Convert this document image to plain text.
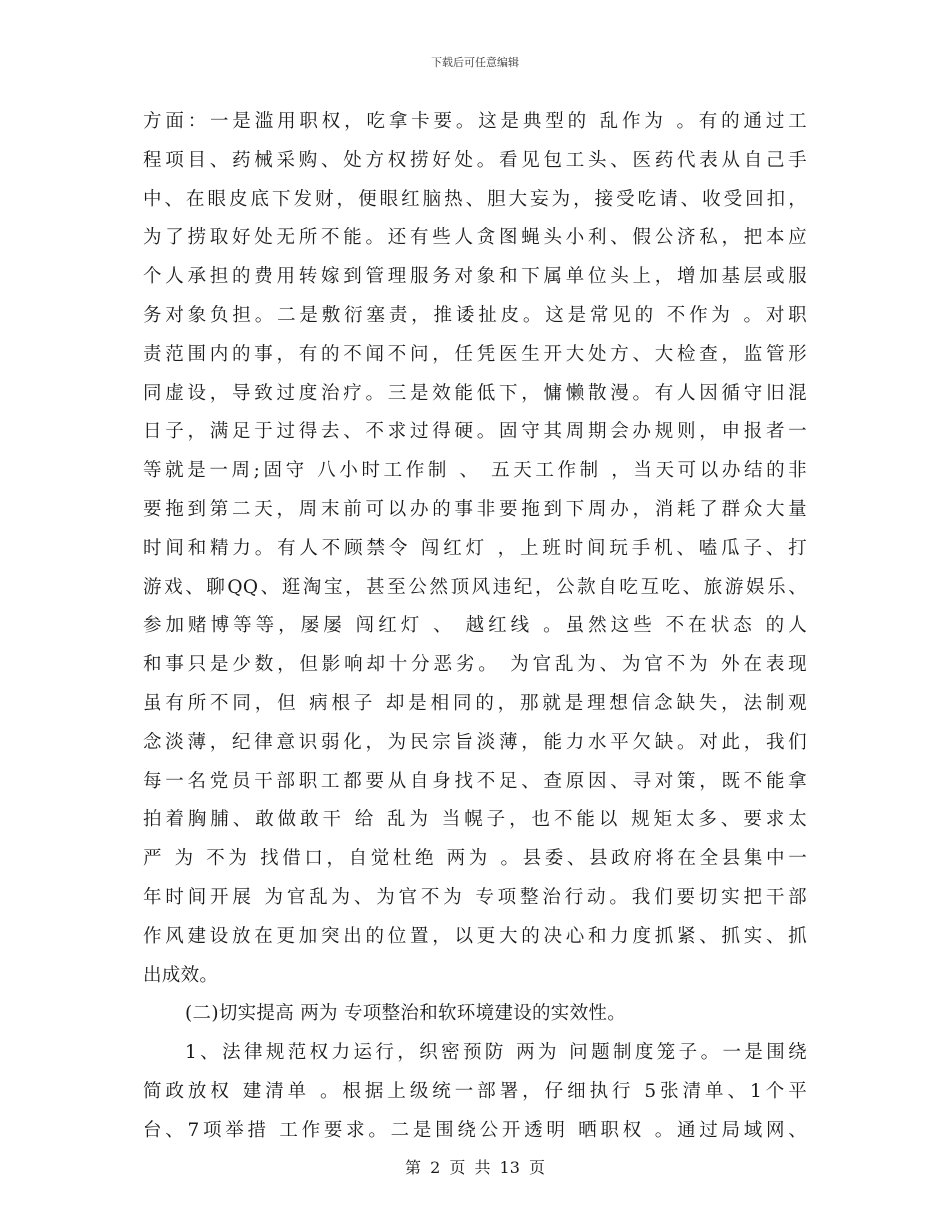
下载后可任意编辑
方面：一是滥用职权，吃拿卡要。这是典型的 乱作为 。有的通过工
程项目、药械采购、处方权捞好处。看见包工头、医药代表从自己手
中、在眼皮底下发财，便眼红脑热、胆大妄为，接受吃请、收受回扣，
为了捞取好处无所不能。还有些人贪图蝇头小利、假公济私，把本应
个人承担的费用转嫁到管理服务对象和下属单位头上，增加基层或服
务对象负担。二是敷衍塞责，推诿扯皮。这是常见的 不作为 。对职
责范围内的事，有的不闻不问，任凭医生开大处方、大检查，监管形
同虚设，导致过度治疗。三是效能低下，慵懒散漫。有人因循守旧混
日子，满足于过得去、不求过得硬。固守其周期会办规则，申报者一
等就是一周;固守 八小时工作制 、 五天工作制 ，当天可以办结的非
要拖到第二天，周末前可以办的事非要拖到下周办，消耗了群众大量
时间和精力。有人不顾禁令 闯红灯 ，上班时间玩手机、嗑瓜子、打
游戏、聊QQ、逛淘宝，甚至公然顶风违纪，公款自吃互吃、旅游娱乐、
参加赌博等等，屡屡 闯红灯 、 越红线 。虽然这些 不在状态 的人
和事只是少数，但影响却十分恶劣。 为官乱为、为官不为 外在表现
虽有所不同，但 病根子 却是相同的，那就是理想信念缺失，法制观
念淡薄，纪律意识弱化，为民宗旨淡薄，能力水平欠缺。对此，我们
每一名党员干部职工都要从自身找不足、查原因、寻对策，既不能拿
拍着胸脯、敢做敢干 给 乱为 当幌子，也不能以 规矩太多、要求太
严 为 不为 找借口，自觉杜绝 两为 。县委、县政府将在全县集中一
年时间开展 为官乱为、为官不为 专项整治行动。我们要切实把干部
作风建设放在更加突出的位置，以更大的决心和力度抓紧、抓实、抓
出成效。
(二)切实提高 两为 专项整治和软环境建设的实效性。
1、法律规范权力运行，织密预防 两为 问题制度笼子。一是围绕
简政放权 建清单 。根据上级统一部署，仔细执行 5张清单、1个平
台、7项举措 工作要求。二是围绕公开透明 晒职权 。通过局域网、
第 2 页 共 13 页
